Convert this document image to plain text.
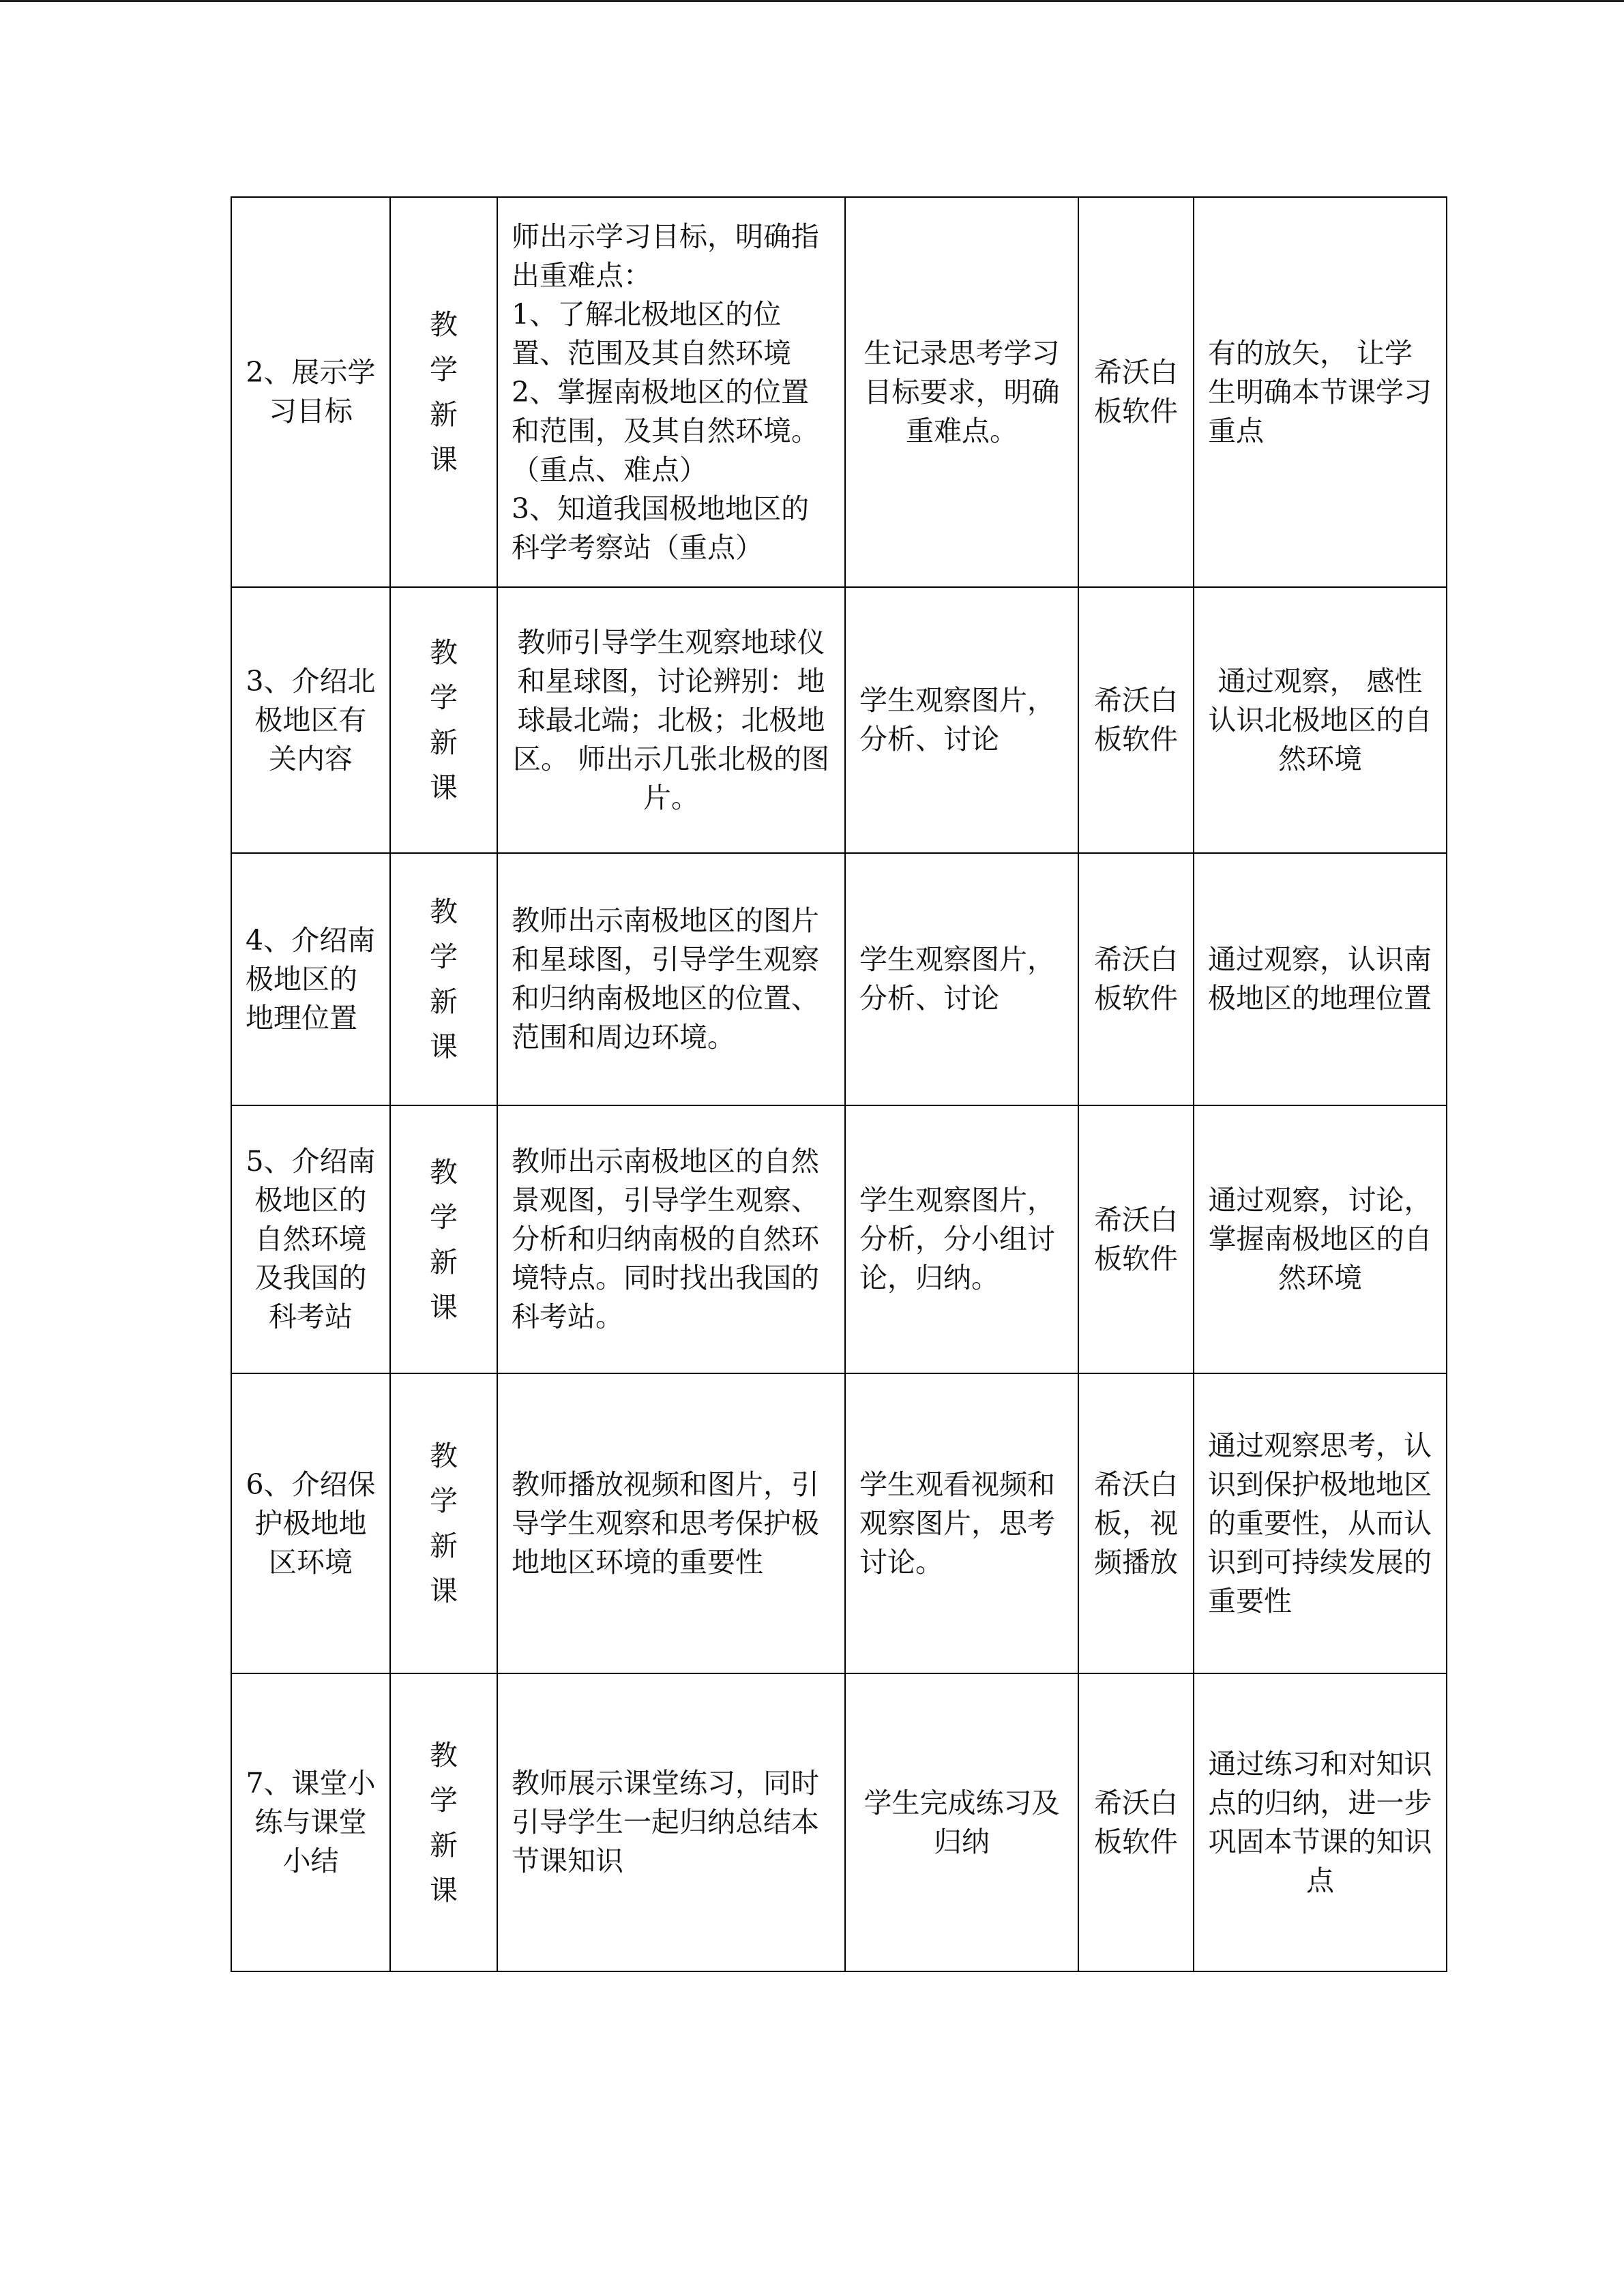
2、展示学习目标	教学新课	师出示学习目标，明确指出重难点：
1、了解北极地区的位置、范围及其自然环境
2、掌握南极地区的位置和范围，及其自然环境。（重点、难点）
3、知道我国极地地区的科学考察站（重点）	生记录思考学习目标要求，明确重难点。	希沃白板软件	有的放矢， 让学生明确本节课学习 重点
3、介绍北极地区有关内容	教学新课	教师引导学生观察地球仪和星球图，讨论辨别：地球最北端；北极；北极地区。 师出示几张北极的图片。	学生观察图片，分析、讨论	希沃白板软件	通过观察， 感性认识北极地区的自然环境
4、介绍南极地区的地理位置	教学新课	教师出示南极地区的图片和星球图，引导学生观察和归纳南极地区的位置、范围和周边环境。	学生观察图片，分析、讨论	希沃白板软件	通过观察，认识南极地区的地理位置
5、介绍南极地区的自然环境及我国的科考站	教学新课	教师出示南极地区的自然景观图，引导学生观察、分析和归纳南极的自然环境特点。同时找出我国的科考站。	学生观察图片，分析，分小组讨论，归纳。	希沃白板软件	通过观察，讨论，掌握南极地区的自然环境
6、介绍保护极地地区环境	教学新课	教师播放视频和图片，引导学生观察和思考保护极地地区环境的重要性	学生观看视频和观察图片，思考讨论。	希沃白板，视频播放	通过观察思考，认识到保护极地地区的重要性，从而认识到可持续发展的重要性
7、课堂小练与课堂小结	教学新课	教师展示课堂练习，同时引导学生一起归纳总结本节课知识	学生完成练习及归纳	希沃白板软件	通过练习和对知识点的归纳，进一步巩固本节课的知识点
